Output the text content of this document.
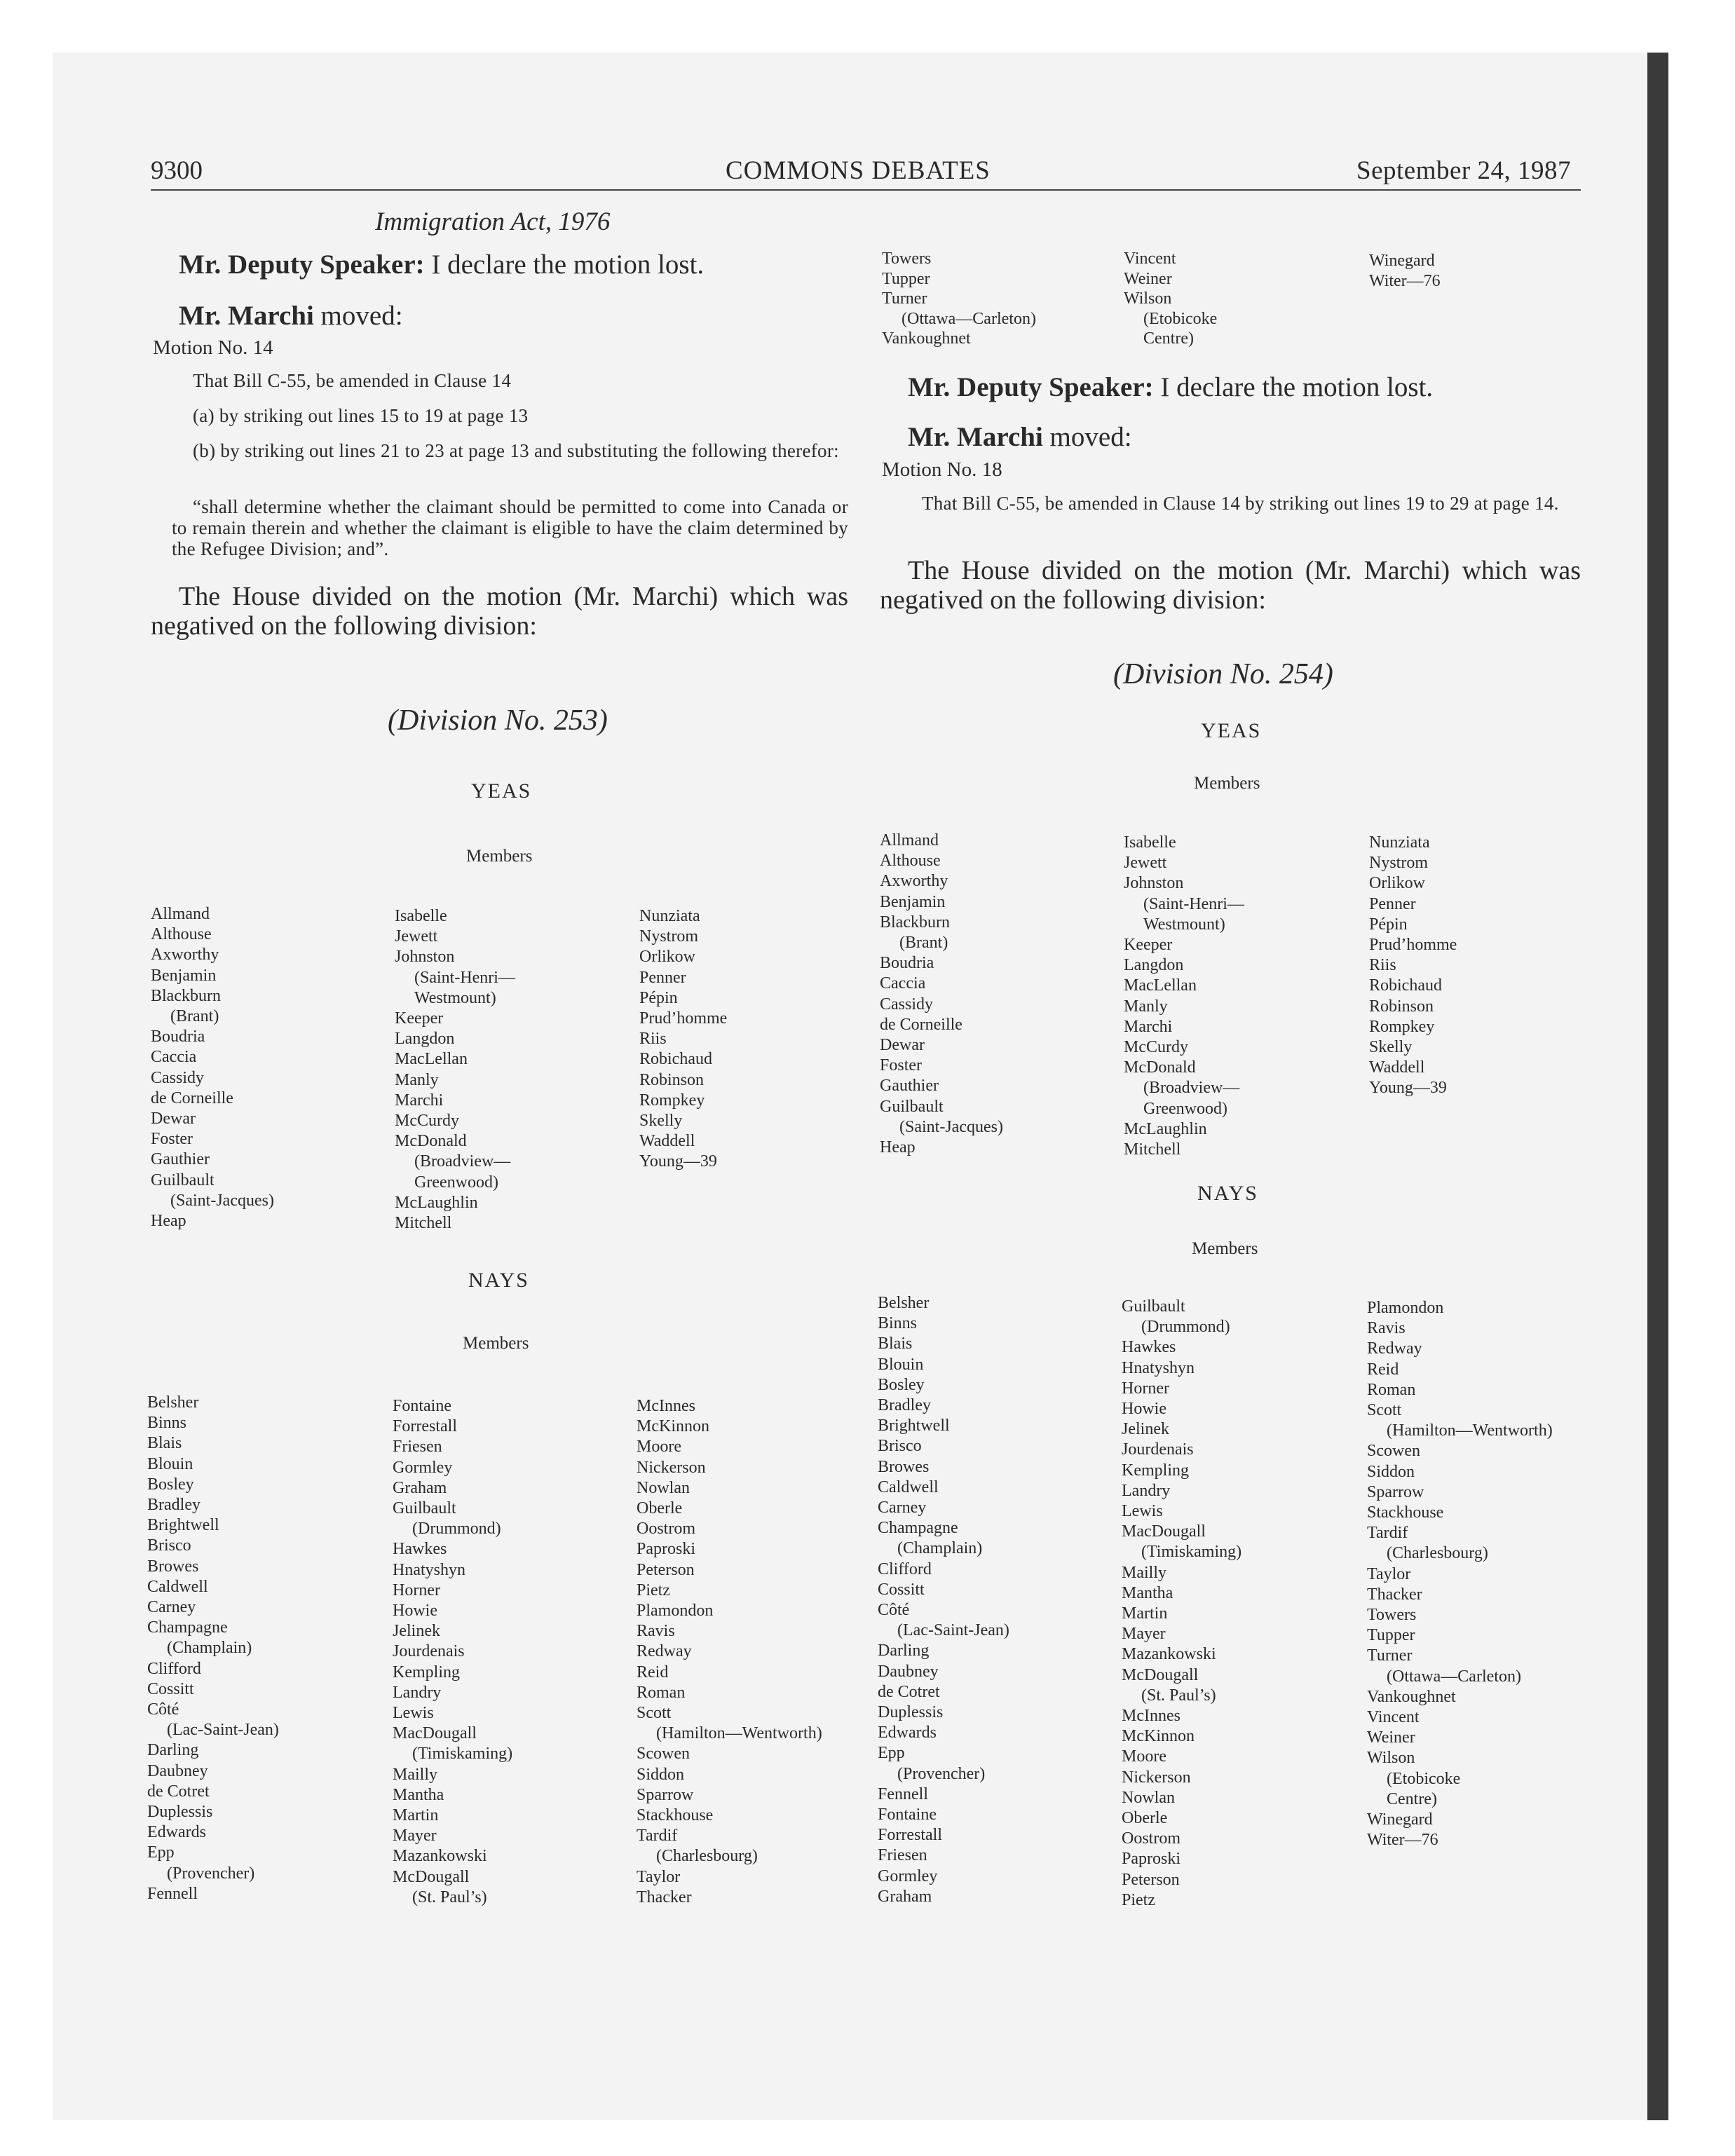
9300	COMMONS DEBATES	September 24, 1987
Immigration Act, 1976
Mr. Deputy Speaker: I declare the motion lost.
Mr. Marchi moved:
Motion No. 14
That Bill C-55, be amended in Clause 14
(a) by striking out lines 15 to 19 at page 13
(b) by striking out lines 21 to 23 at page 13 and substituting the following therefor:
“shall determine whether the claimant should be permitted to come into Canada or to remain therein and whether the claimant is eligible to have the claim determined by the Refugee Division; and”.
The House divided on the motion (Mr. Marchi) which was negatived on the following division:
(Division No. 253)
YEAS
Members
Allmand
Althouse
Axworthy
Benjamin
Blackburn
(Brant)
Boudria
Caccia
Cassidy
de Corneille
Dewar
Foster
Gauthier
Guilbault
(Saint-Jacques)
Heap
Isabelle
Jewett
Johnston
(Saint-Henri—
Westmount)
Keeper
Langdon
MacLellan
Manly
Marchi
McCurdy
McDonald
(Broadview—
Greenwood)
McLaughlin
Mitchell
Nunziata
Nystrom
Orlikow
Penner
Pépin
Prud’homme
Riis
Robichaud
Robinson
Rompkey
Skelly
Waddell
Young—39
NAYS
Members
Belsher
Binns
Blais
Blouin
Bosley
Bradley
Brightwell
Brisco
Browes
Caldwell
Carney
Champagne
(Champlain)
Clifford
Cossitt
Côté
(Lac-Saint-Jean)
Darling
Daubney
de Cotret
Duplessis
Edwards
Epp
(Provencher)
Fennell
Fontaine
Forrestall
Friesen
Gormley
Graham
Guilbault
(Drummond)
Hawkes
Hnatyshyn
Horner
Howie
Jelinek
Jourdenais
Kempling
Landry
Lewis
MacDougall
(Timiskaming)
Mailly
Mantha
Martin
Mayer
Mazankowski
McDougall
(St. Paul’s)
McInnes
McKinnon
Moore
Nickerson
Nowlan
Oberle
Oostrom
Paproski
Peterson
Pietz
Plamondon
Ravis
Redway
Reid
Roman
Scott
(Hamilton—Wentworth)
Scowen
Siddon
Sparrow
Stackhouse
Tardif
(Charlesbourg)
Taylor
Thacker
Towers
Tupper
Turner
(Ottawa—Carleton)
Vankoughnet
Vincent
Weiner
Wilson
(Etobicoke
Centre)
Winegard
Witer—76
Mr. Deputy Speaker: I declare the motion lost.
Mr. Marchi moved:
Motion No. 18
That Bill C-55, be amended in Clause 14 by striking out lines 19 to 29 at page 14.
The House divided on the motion (Mr. Marchi) which was negatived on the following division:
(Division No. 254)
YEAS
Members
Allmand
Althouse
Axworthy
Benjamin
Blackburn
(Brant)
Boudria
Caccia
Cassidy
de Corneille
Dewar
Foster
Gauthier
Guilbault
(Saint-Jacques)
Heap
Isabelle
Jewett
Johnston
(Saint-Henri—
Westmount)
Keeper
Langdon
MacLellan
Manly
Marchi
McCurdy
McDonald
(Broadview—
Greenwood)
McLaughlin
Mitchell
Nunziata
Nystrom
Orlikow
Penner
Pépin
Prud’homme
Riis
Robichaud
Robinson
Rompkey
Skelly
Waddell
Young—39
NAYS
Members
Belsher
Binns
Blais
Blouin
Bosley
Bradley
Brightwell
Brisco
Browes
Caldwell
Carney
Champagne
(Champlain)
Clifford
Cossitt
Côté
(Lac-Saint-Jean)
Darling
Daubney
de Cotret
Duplessis
Edwards
Epp
(Provencher)
Fennell
Fontaine
Forrestall
Friesen
Gormley
Graham
Guilbault
(Drummond)
Hawkes
Hnatyshyn
Horner
Howie
Jelinek
Jourdenais
Kempling
Landry
Lewis
MacDougall
(Timiskaming)
Mailly
Mantha
Martin
Mayer
Mazankowski
McDougall
(St. Paul’s)
McInnes
McKinnon
Moore
Nickerson
Nowlan
Oberle
Oostrom
Paproski
Peterson
Pietz
Plamondon
Ravis
Redway
Reid
Roman
Scott
(Hamilton—Wentworth)
Scowen
Siddon
Sparrow
Stackhouse
Tardif
(Charlesbourg)
Taylor
Thacker
Towers
Tupper
Turner
(Ottawa—Carleton)
Vankoughnet
Vincent
Weiner
Wilson
(Etobicoke
Centre)
Winegard
Witer—76
